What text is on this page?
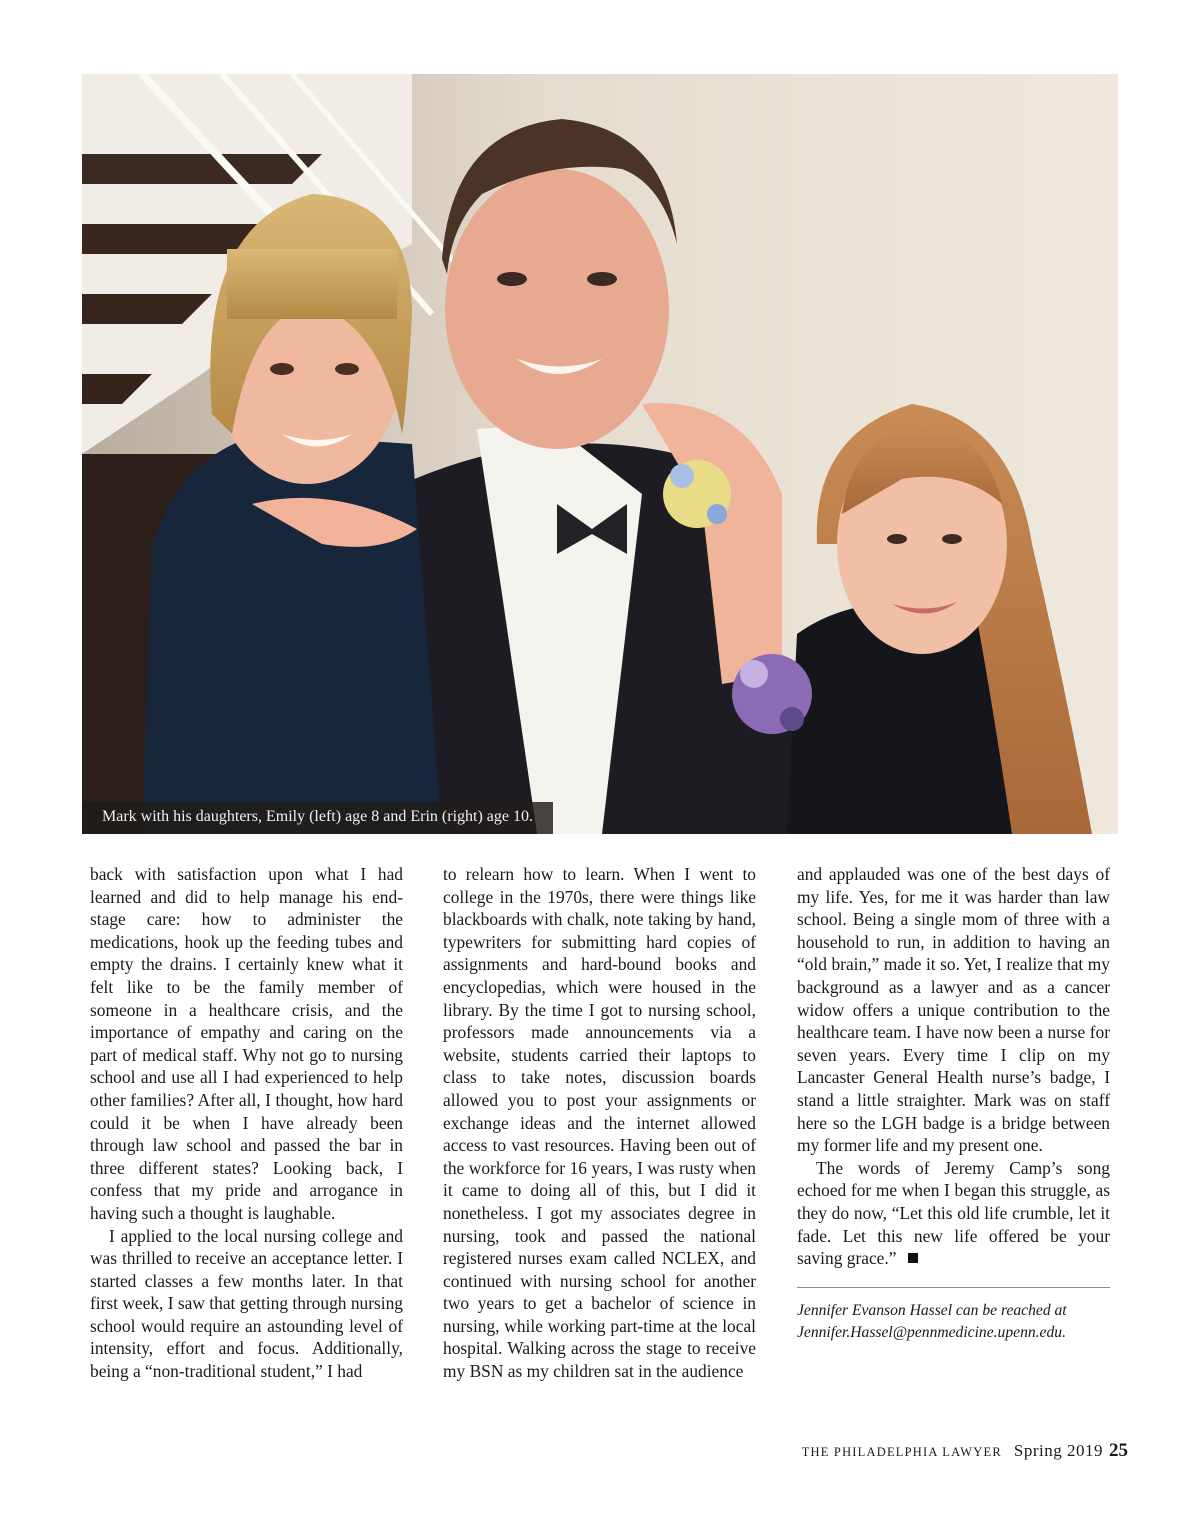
Mark with his daughters, Emily (left) age 8 and Erin (right) age 10.

back with satisfaction upon what I had learned and did to help manage his end-stage care: how to administer the medications, hook up the feeding tubes and empty the drains. I certainly knew what it felt like to be the family member of someone in a healthcare crisis, and the importance of empathy and caring on the part of medical staff. Why not go to nursing school and use all I had experienced to help other families? After all, I thought, how hard could it be when I have already been through law school and passed the bar in three different states? Looking back, I confess that my pride and arrogance in having such a thought is laughable.

I applied to the local nursing college and was thrilled to receive an acceptance letter. I started classes a few months later. In that first week, I saw that getting through nursing school would require an astounding level of intensity, effort and focus. Additionally, being a “non-traditional student,” I had

to relearn how to learn. When I went to college in the 1970s, there were things like blackboards with chalk, note taking by hand, typewriters for submitting hard copies of assignments and hard-bound books and encyclopedias, which were housed in the library. By the time I got to nursing school, professors made announcements via a website, students carried their laptops to class to take notes, discussion boards allowed you to post your assignments or exchange ideas and the internet allowed access to vast resources. Having been out of the workforce for 16 years, I was rusty when it came to doing all of this, but I did it nonetheless. I got my associates degree in nursing, took and passed the national registered nurses exam called NCLEX, and continued with nursing school for another two years to get a bachelor of science in nursing, while working part-time at the local hospital. Walking across the stage to receive my BSN as my children sat in the audience

and applauded was one of the best days of my life. Yes, for me it was harder than law school. Being a single mom of three with a household to run, in addition to having an “old brain,” made it so. Yet, I realize that my background as a lawyer and as a cancer widow offers a unique contribution to the healthcare team. I have now been a nurse for seven years. Every time I clip on my Lancaster General Health nurse’s badge, I stand a little straighter. Mark was on staff here so the LGH badge is a bridge between my former life and my present one.

The words of Jeremy Camp’s song echoed for me when I began this struggle, as they do now, “Let this old life crumble, let it fade. Let this new life offered be your saving grace.”

Jennifer Evanson Hassel can be reached at Jennifer.Hassel@pennmedicine.upenn.edu.

THE PHILADELPHIA LAWYER Spring 2019 25
